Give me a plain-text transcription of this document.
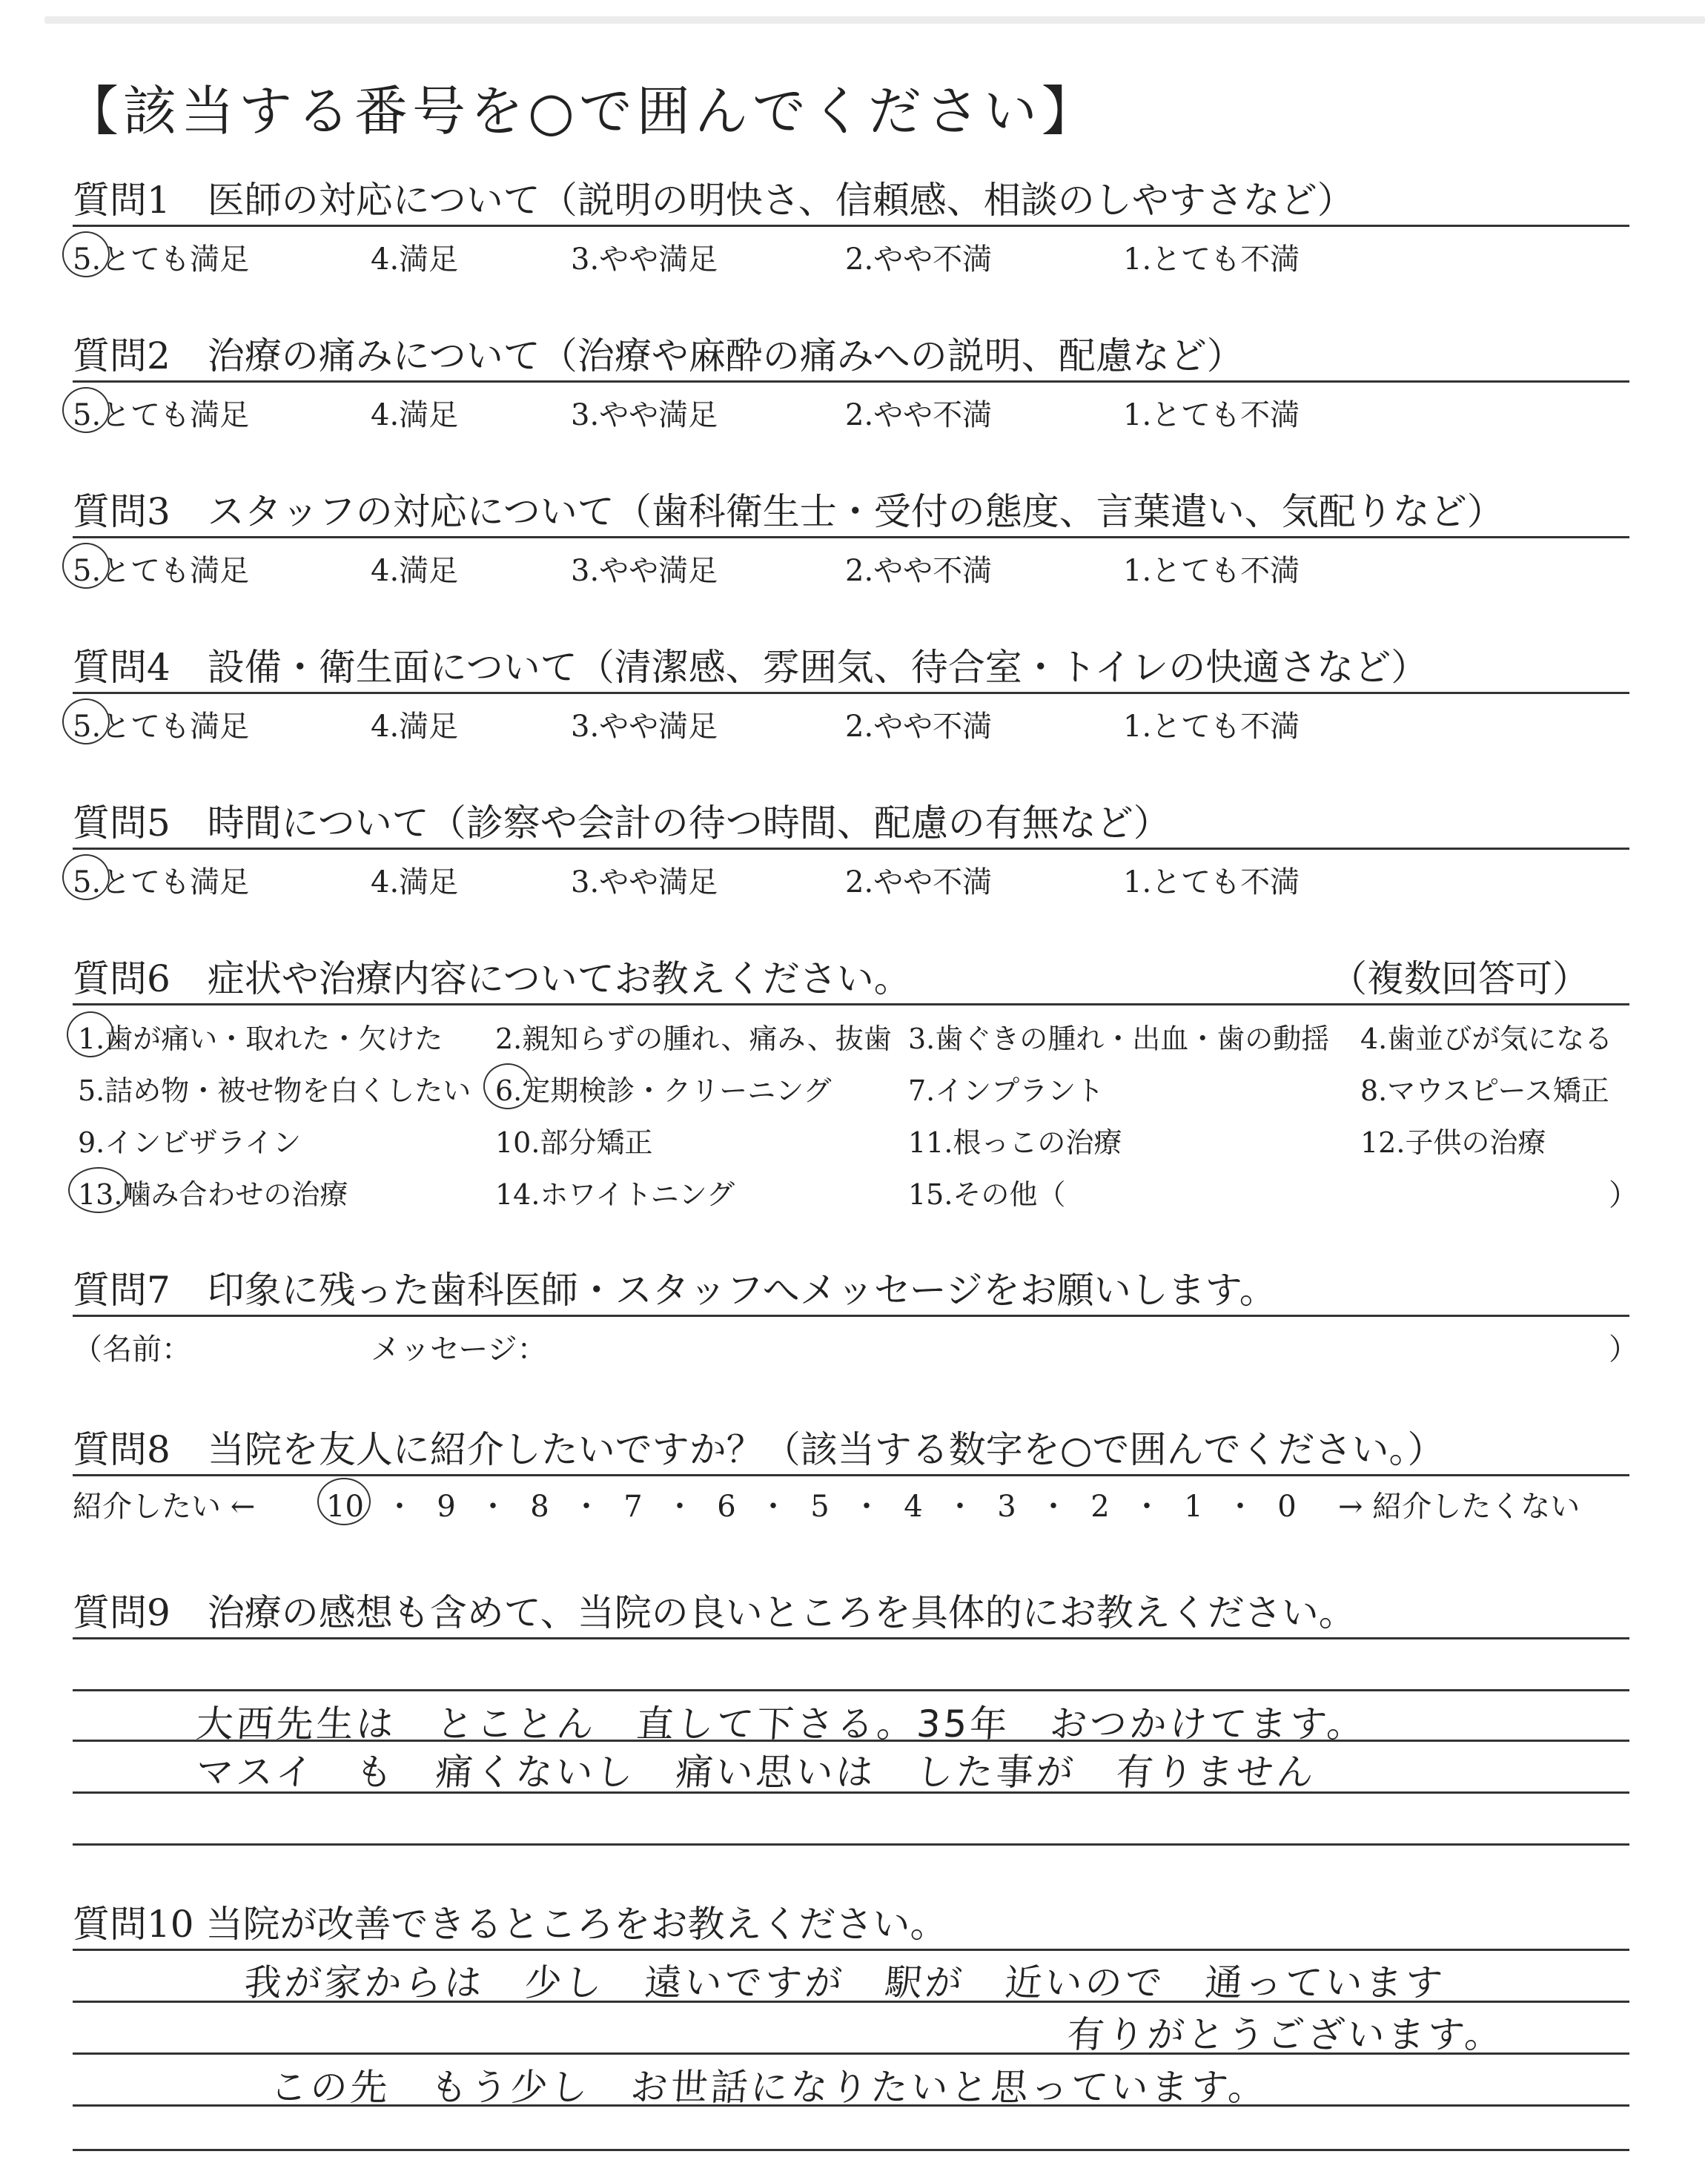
【該当する番号を○で囲んでください】
質問1　医師の対応について（説明の明快さ、信頼感、相談のしやすさなど）
5.とても満足	4.満足	3.やや満足	2.やや不満	1.とても不満
質問2　治療の痛みについて（治療や麻酔の痛みへの説明、配慮など）
5.とても満足	4.満足	3.やや満足	2.やや不満	1.とても不満
質問3　スタッフの対応について（歯科衛生士・受付の態度、言葉遣い、気配りなど）
5.とても満足	4.満足	3.やや満足	2.やや不満	1.とても不満
質問4　設備・衛生面について（清潔感、雰囲気、待合室・トイレの快適さなど）
5.とても満足	4.満足	3.やや満足	2.やや不満	1.とても不満
質問5　時間について（診察や会計の待つ時間、配慮の有無など）
5.とても満足	4.満足	3.やや満足	2.やや不満	1.とても不満
質問6　症状や治療内容についてお教えください。	（複数回答可）
1.歯が痛い・取れた・欠けた 2.親知らずの腫れ、痛み、抜歯 3.歯ぐきの腫れ・出血・歯の動揺 4.歯並びが気になる
5.詰め物・被せ物を白くしたい 6.定期検診・クリーニング	7.インプラント	8.マウスピース矯正
9.インビザライン	10.部分矯正	11.根っこの治療	12.子供の治療
13.噛み合わせの治療	14.ホワイトニング	15.その他（	）
質問7　印象に残った歯科医師・スタッフへメッセージをお願いします。
（名前：	メッセージ：	）
質問8　当院を友人に紹介したいですか？（該当する数字を○で囲んでください。）
紹介したい ← 10 ・ 9 ・ 8 ・ 7 ・ 6 ・ 5 ・ 4 ・ 3 ・ 2 ・ 1 ・ 0 → 紹介したくない
質問9　治療の感想も含めて、当院の良いところを具体的にお教えください。
大西先生は　とことん　直して下さる。35年　おつかけてます。
マスイ　も　痛くないし　痛い思いは　した事が　有りません
質問10 当院が改善できるところをお教えください。
我が家からは　少し　遠いですが　駅が　近いので　通っています
有りがとうございます。
この先　もう少し　お世話になりたいと思っています。
